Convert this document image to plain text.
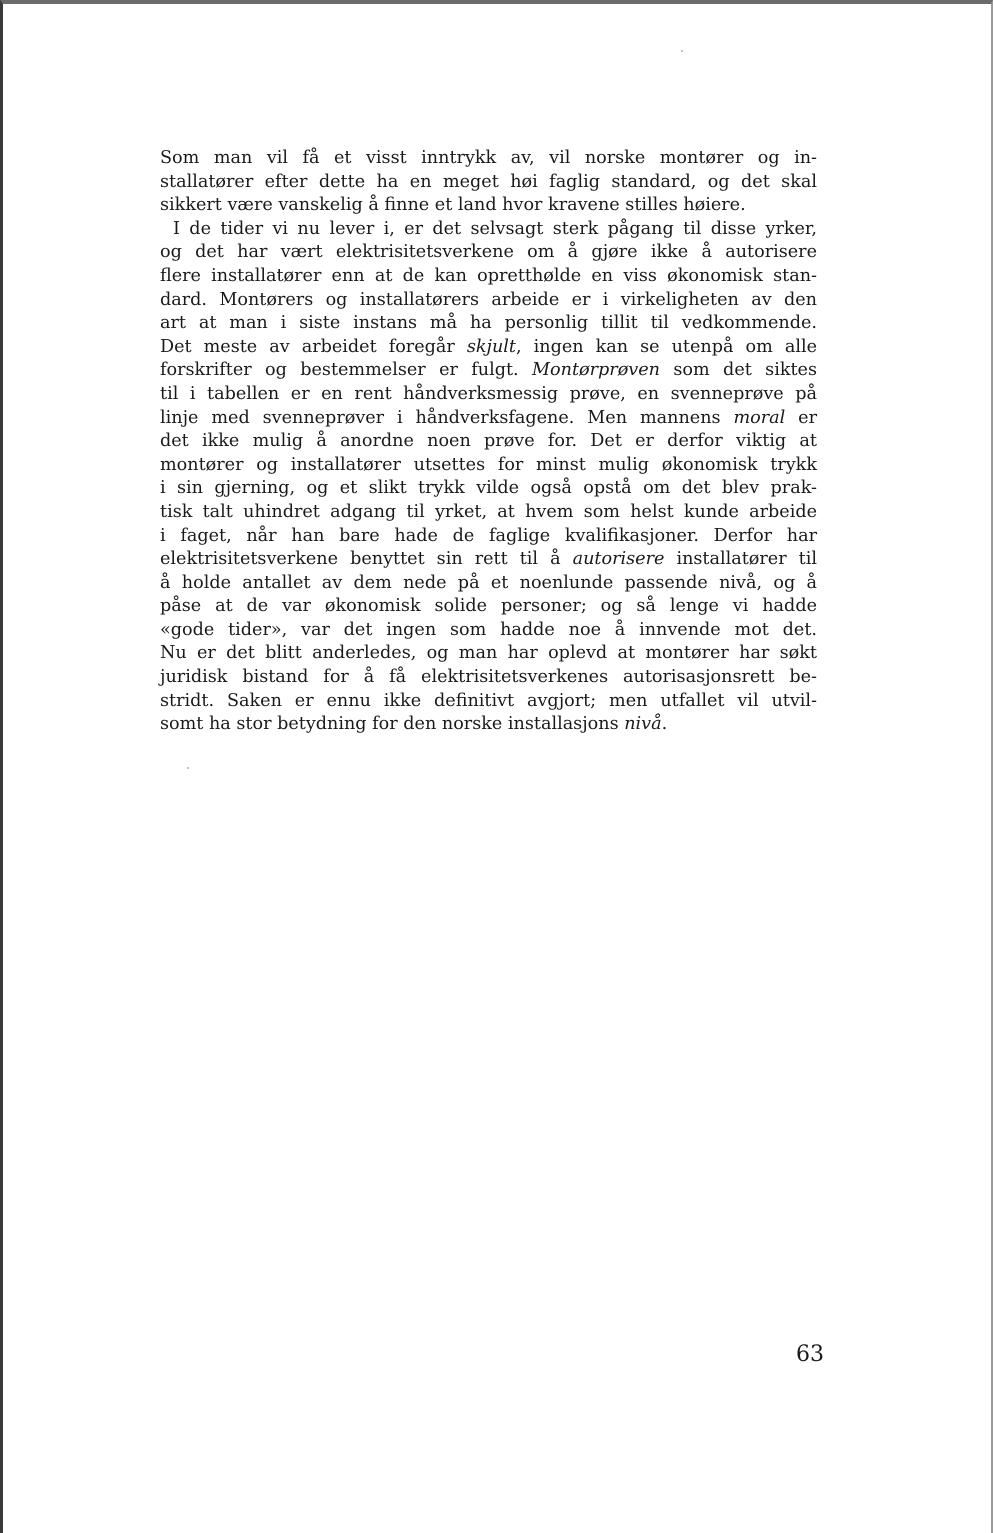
Som man vil få et visst inntrykk av, vil norske montører og in-
stallatører efter dette ha en meget høi faglig standard, og det skal
sikkert være vanskelig å finne et land hvor kravene stilles høiere.
I de tider vi nu lever i, er det selvsagt sterk pågang til disse yrker,
og det har vært elektrisitetsverkene om å gjøre ikke å autorisere
flere installatører enn at de kan opretthølde en viss økonomisk stan-
dard. Montørers og installatørers arbeide er i virkeligheten av den
art at man i siste instans må ha personlig tillit til vedkommende.
Det meste av arbeidet foregår skjult, ingen kan se utenpå om alle
forskrifter og bestemmelser er fulgt. Montørprøven som det siktes
til i tabellen er en rent håndverksmessig prøve, en svenneprøve på
linje med svenneprøver i håndverksfagene. Men mannens moral er
det ikke mulig å anordne noen prøve for. Det er derfor viktig at
montører og installatører utsettes for minst mulig økonomisk trykk
i sin gjerning, og et slikt trykk vilde også opstå om det blev prak-
tisk talt uhindret adgang til yrket, at hvem som helst kunde arbeide
i faget, når han bare hade de faglige kvalifikasjoner. Derfor har
elektrisitetsverkene benyttet sin rett til å autorisere installatører til
å holde antallet av dem nede på et noenlunde passende nivå, og å
påse at de var økonomisk solide personer; og så lenge vi hadde
«gode tider», var det ingen som hadde noe å innvende mot det.
Nu er det blitt anderledes, og man har oplevd at montører har søkt
juridisk bistand for å få elektrisitetsverkenes autorisasjonsrett be-
stridt. Saken er ennu ikke definitivt avgjort; men utfallet vil utvil-
somt ha stor betydning for den norske installasjons nivå.
63
